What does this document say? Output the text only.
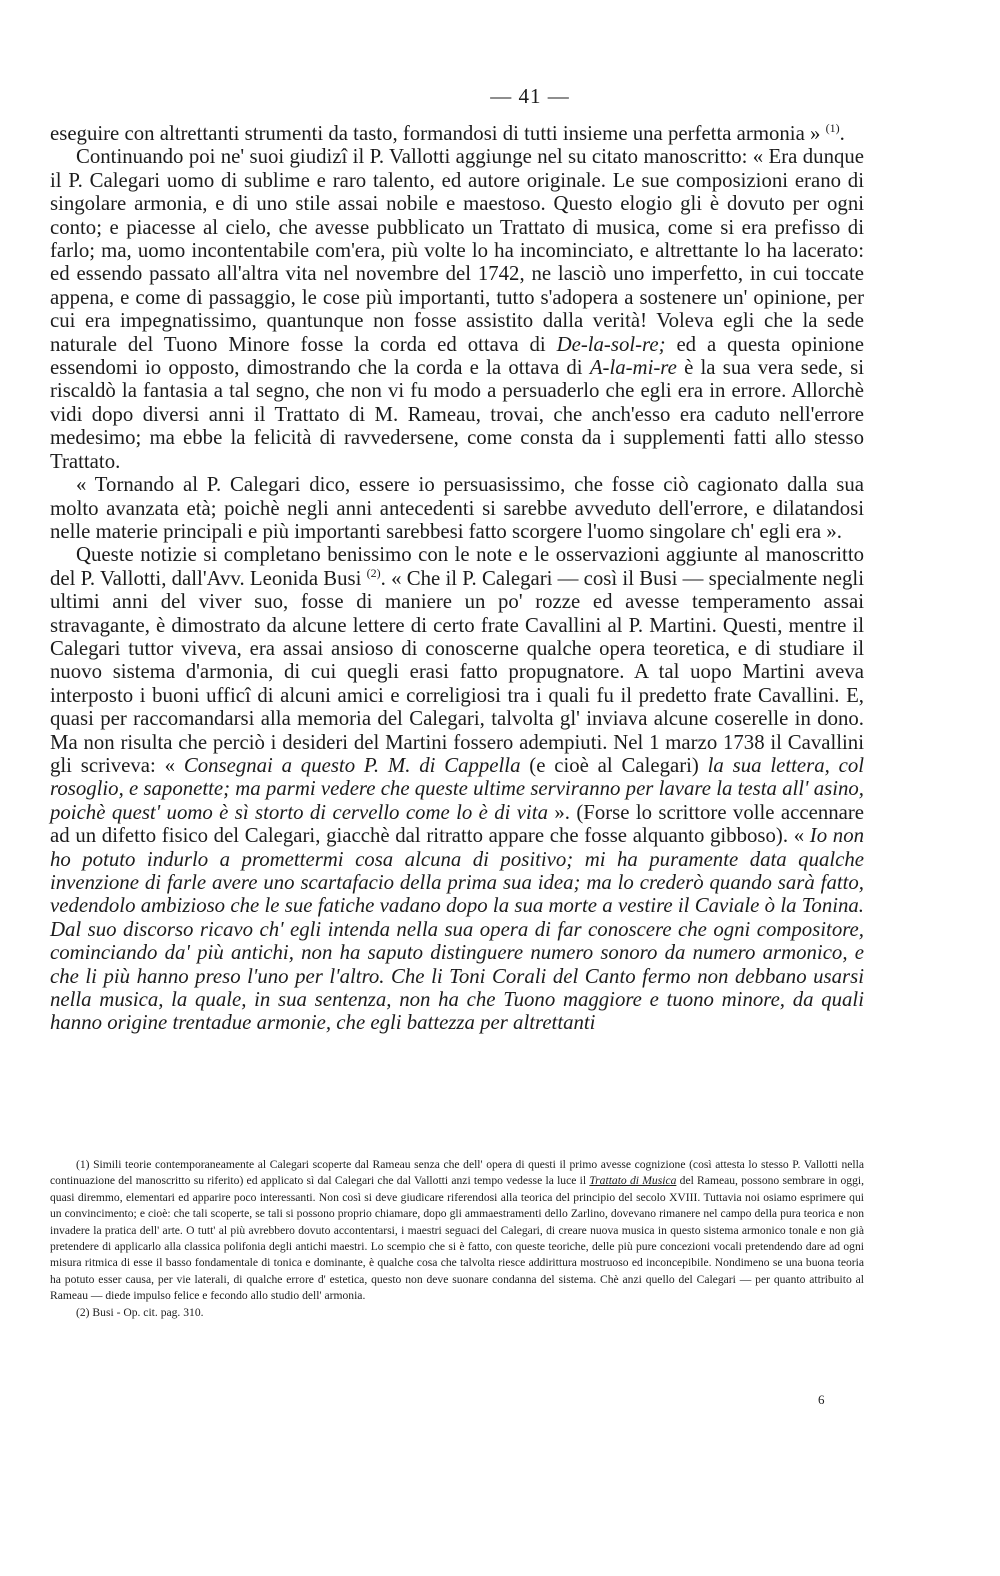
— 41 —

eseguire con altrettanti strumenti da tasto, formandosi di tutti insieme una perfetta armonia » $^{(1)}$.

Continuando poi ne' suoi giudizî il P. Vallotti aggiunge nel su citato manoscritto: « Era dunque il P. Calegari uomo di sublime e raro talento, ed autore originale. Le sue composizioni erano di singolare armonia, e di uno stile assai nobile e maestoso. Questo elogio gli è dovuto per ogni conto; e piacesse al cielo, che avesse pubblicato un Trattato di musica, come si era prefisso di farlo; ma, uomo incontentabile com'era, più volte lo ha incominciato, e altrettante lo ha lacerato: ed essendo passato all'altra vita nel novembre del 1742, ne lasciò uno imperfetto, in cui toccate appena, e come di passaggio, le cose più importanti, tutto s'adopera a sostenere un' opinione, per cui era impegnatissimo, quantunque non fosse assistito dalla verità! Voleva egli che la sede naturale del Tuono Minore fosse la corda ed ottava di De-la-sol-re; ed a questa opinione essendomi io opposto, dimostrando che la corda e la ottava di A-la-mi-re è la sua vera sede, si riscaldò la fantasia a tal segno, che non vi fu modo a persuaderlo che egli era in errore. Allorchè vidi dopo diversi anni il Trattato di M. Rameau, trovai, che anch'esso era caduto nell'errore medesimo; ma ebbe la felicità di ravvedersene, come consta da i supplementi fatti allo stesso Trattato.

« Tornando al P. Calegari dico, essere io persuasissimo, che fosse ciò cagionato dalla sua molto avanzata età; poichè negli anni antecedenti si sarebbe avveduto dell'errore, e dilatandosi nelle materie principali e più importanti sarebbesi fatto scorgere l'uomo singolare ch' egli era ».

Queste notizie si completano benissimo con le note e le osservazioni aggiunte al manoscritto del P. Vallotti, dall'Avv. Leonida Busi $^{(2)}$. « Che il P. Calegari — così il Busi — specialmente negli ultimi anni del viver suo, fosse di maniere un po' rozze ed avesse temperamento assai stravagante, è dimostrato da alcune lettere di certo frate Cavallini al P. Martini. Questi, mentre il Calegari tuttor viveva, era assai ansioso di conoscerne qualche opera teoretica, e di studiare il nuovo sistema d'armonia, di cui quegli erasi fatto propugnatore. A tal uopo Martini aveva interposto i buoni ufficî di alcuni amici e correligiosi tra i quali fu il predetto frate Cavallini. E, quasi per raccomandarsi alla memoria del Calegari, talvolta gl' inviava alcune coserelle in dono. Ma non risulta che perciò i desideri del Martini fossero adempiuti. Nel 1 marzo 1738 il Cavallini gli scriveva: « Consegnai a questo P. M. di Cappella (e cioè al Calegari) la sua lettera, col rosoglio, e saponette; ma parmi vedere che queste ultime serviranno per lavare la testa all' asino, poichè quest' uomo è sì storto di cervello come lo è di vita ». (Forse lo scrittore volle accennare ad un difetto fisico del Calegari, giacchè dal ritratto appare che fosse alquanto gibboso). « Io non ho potuto indurlo a promettermi cosa alcuna di positivo; mi ha puramente data qualche invenzione di farle avere uno scartafacio della prima sua idea; ma lo crederò quando sarà fatto, vedendolo ambizioso che le sue fatiche vadano dopo la sua morte a vestire il Caviale ò la Tonina. Dal suo discorso ricavo ch' egli intenda nella sua opera di far conoscere che ogni compositore, cominciando da' più antichi, non ha saputo distinguere numero sonoro da numero armonico, e che li più hanno preso l'uno per l'altro. Che li Toni Corali del Canto fermo non debbano usarsi nella musica, la quale, in sua sentenza, non ha che Tuono maggiore e tuono minore, da quali hanno origine trentadue armonie, che egli battezza per altrettanti

(1) Simili teorie contemporaneamente al Calegari scoperte dal Rameau senza che dell' opera di questi il primo avesse cognizione (così attesta lo stesso P. Vallotti nella continuazione del manoscritto su riferito) ed applicato sì dal Calegari che dal Vallotti anzi tempo vedesse la luce il Trattato di Musica del Rameau, possono sembrare in oggi, quasi diremmo, elementari ed apparire poco interessanti. Non così si deve giudicare riferendosi alla teorica del principio del secolo XVIII. Tuttavia noi osiamo esprimere qui un convincimento; e cioè: che tali scoperte, se tali si possono proprio chiamare, dopo gli ammaestramenti dello Zarlino, dovevano rimanere nel campo della pura teorica e non invadere la pratica dell' arte. O tutt' al più avrebbero dovuto accontentarsi, i maestri seguaci del Calegari, di creare nuova musica in questo sistema armonico tonale e non già pretendere di applicarlo alla classica polifonia degli antichi maestri. Lo scempio che si è fatto, con queste teoriche, delle più pure concezioni vocali pretendendo dare ad ogni misura ritmica di esse il basso fondamentale di tonica e dominante, è qualche cosa che talvolta riesce addirittura mostruoso ed inconcepibile. Nondimeno se una buona teoria ha potuto esser causa, per vie laterali, di qualche errore d' estetica, questo non deve suonare condanna del sistema. Chè anzi quello del Calegari — per quanto attribuito al Rameau — diede impulso felice e fecondo allo studio dell' armonia.

(2) Busi - Op. cit. pag. 310.

6
